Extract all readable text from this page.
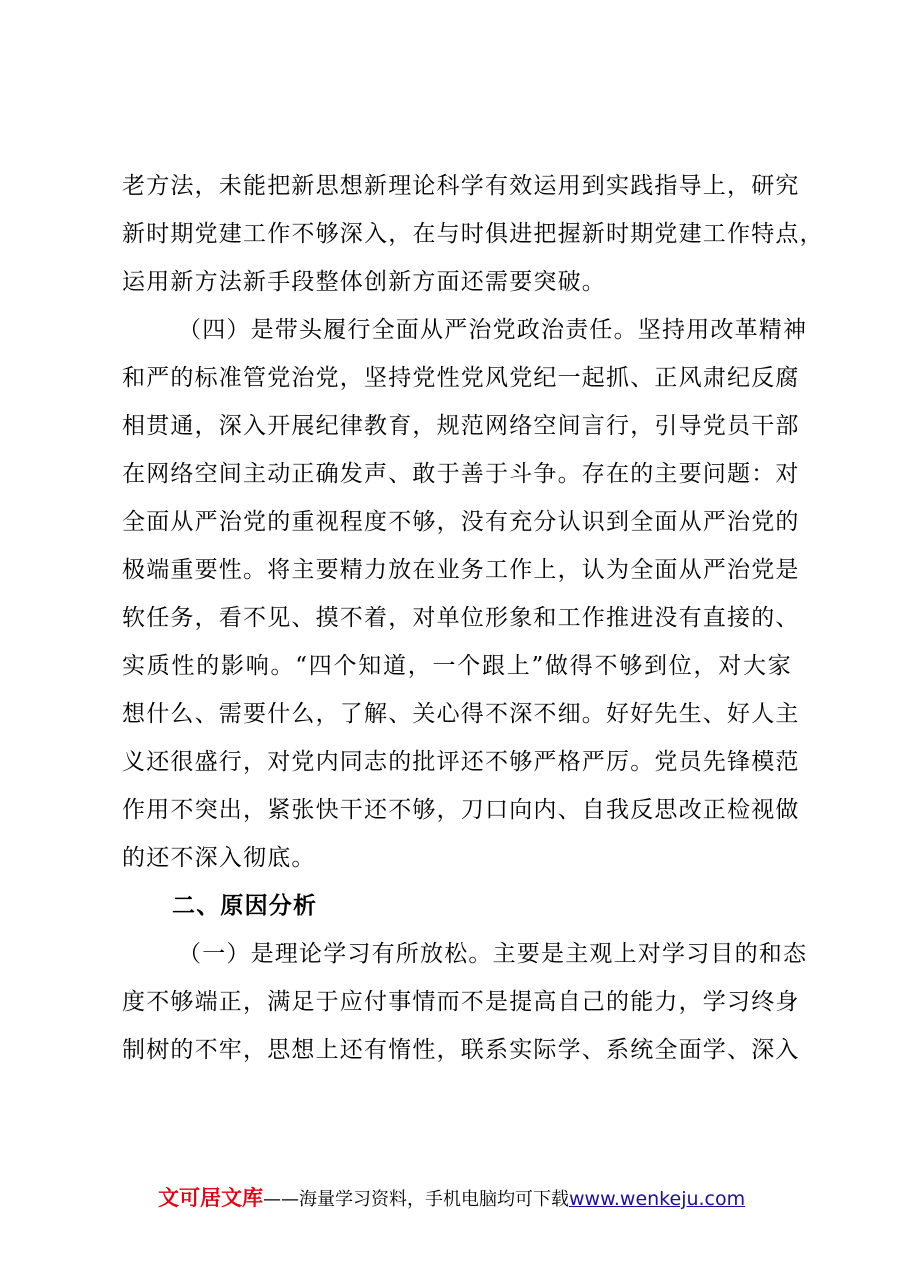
老方法，未能把新思想新理论科学有效运用到实践指导上，研究
新时期党建工作不够深入，在与时俱进把握新时期党建工作特点，
运用新方法新手段整体创新方面还需要突破。
（四）是带头履行全面从严治党政治责任。坚持用改革精神
和严的标准管党治党，坚持党性党风党纪一起抓、正风肃纪反腐
相贯通，深入开展纪律教育，规范网络空间言行，引导党员干部
在网络空间主动正确发声、敢于善于斗争。存在的主要问题：对
全面从严治党的重视程度不够，没有充分认识到全面从严治党的
极端重要性。将主要精力放在业务工作上，认为全面从严治党是
软任务，看不见、摸不着，对单位形象和工作推进没有直接的、
实质性的影响。“四个知道，一个跟上”做得不够到位，对大家
想什么、需要什么，了解、关心得不深不细。好好先生、好人主
义还很盛行，对党内同志的批评还不够严格严厉。党员先锋模范
作用不突出，紧张快干还不够，刀口向内、自我反思改正检视做
的还不深入彻底。
二、原因分析
（一）是理论学习有所放松。主要是主观上对学习目的和态
度不够端正，满足于应付事情而不是提高自己的能力，学习终身
制树的不牢，思想上还有惰性，联系实际学、系统全面学、深入
文可居文库——海量学习资料，手机电脑均可下载www.wenkeju.com
